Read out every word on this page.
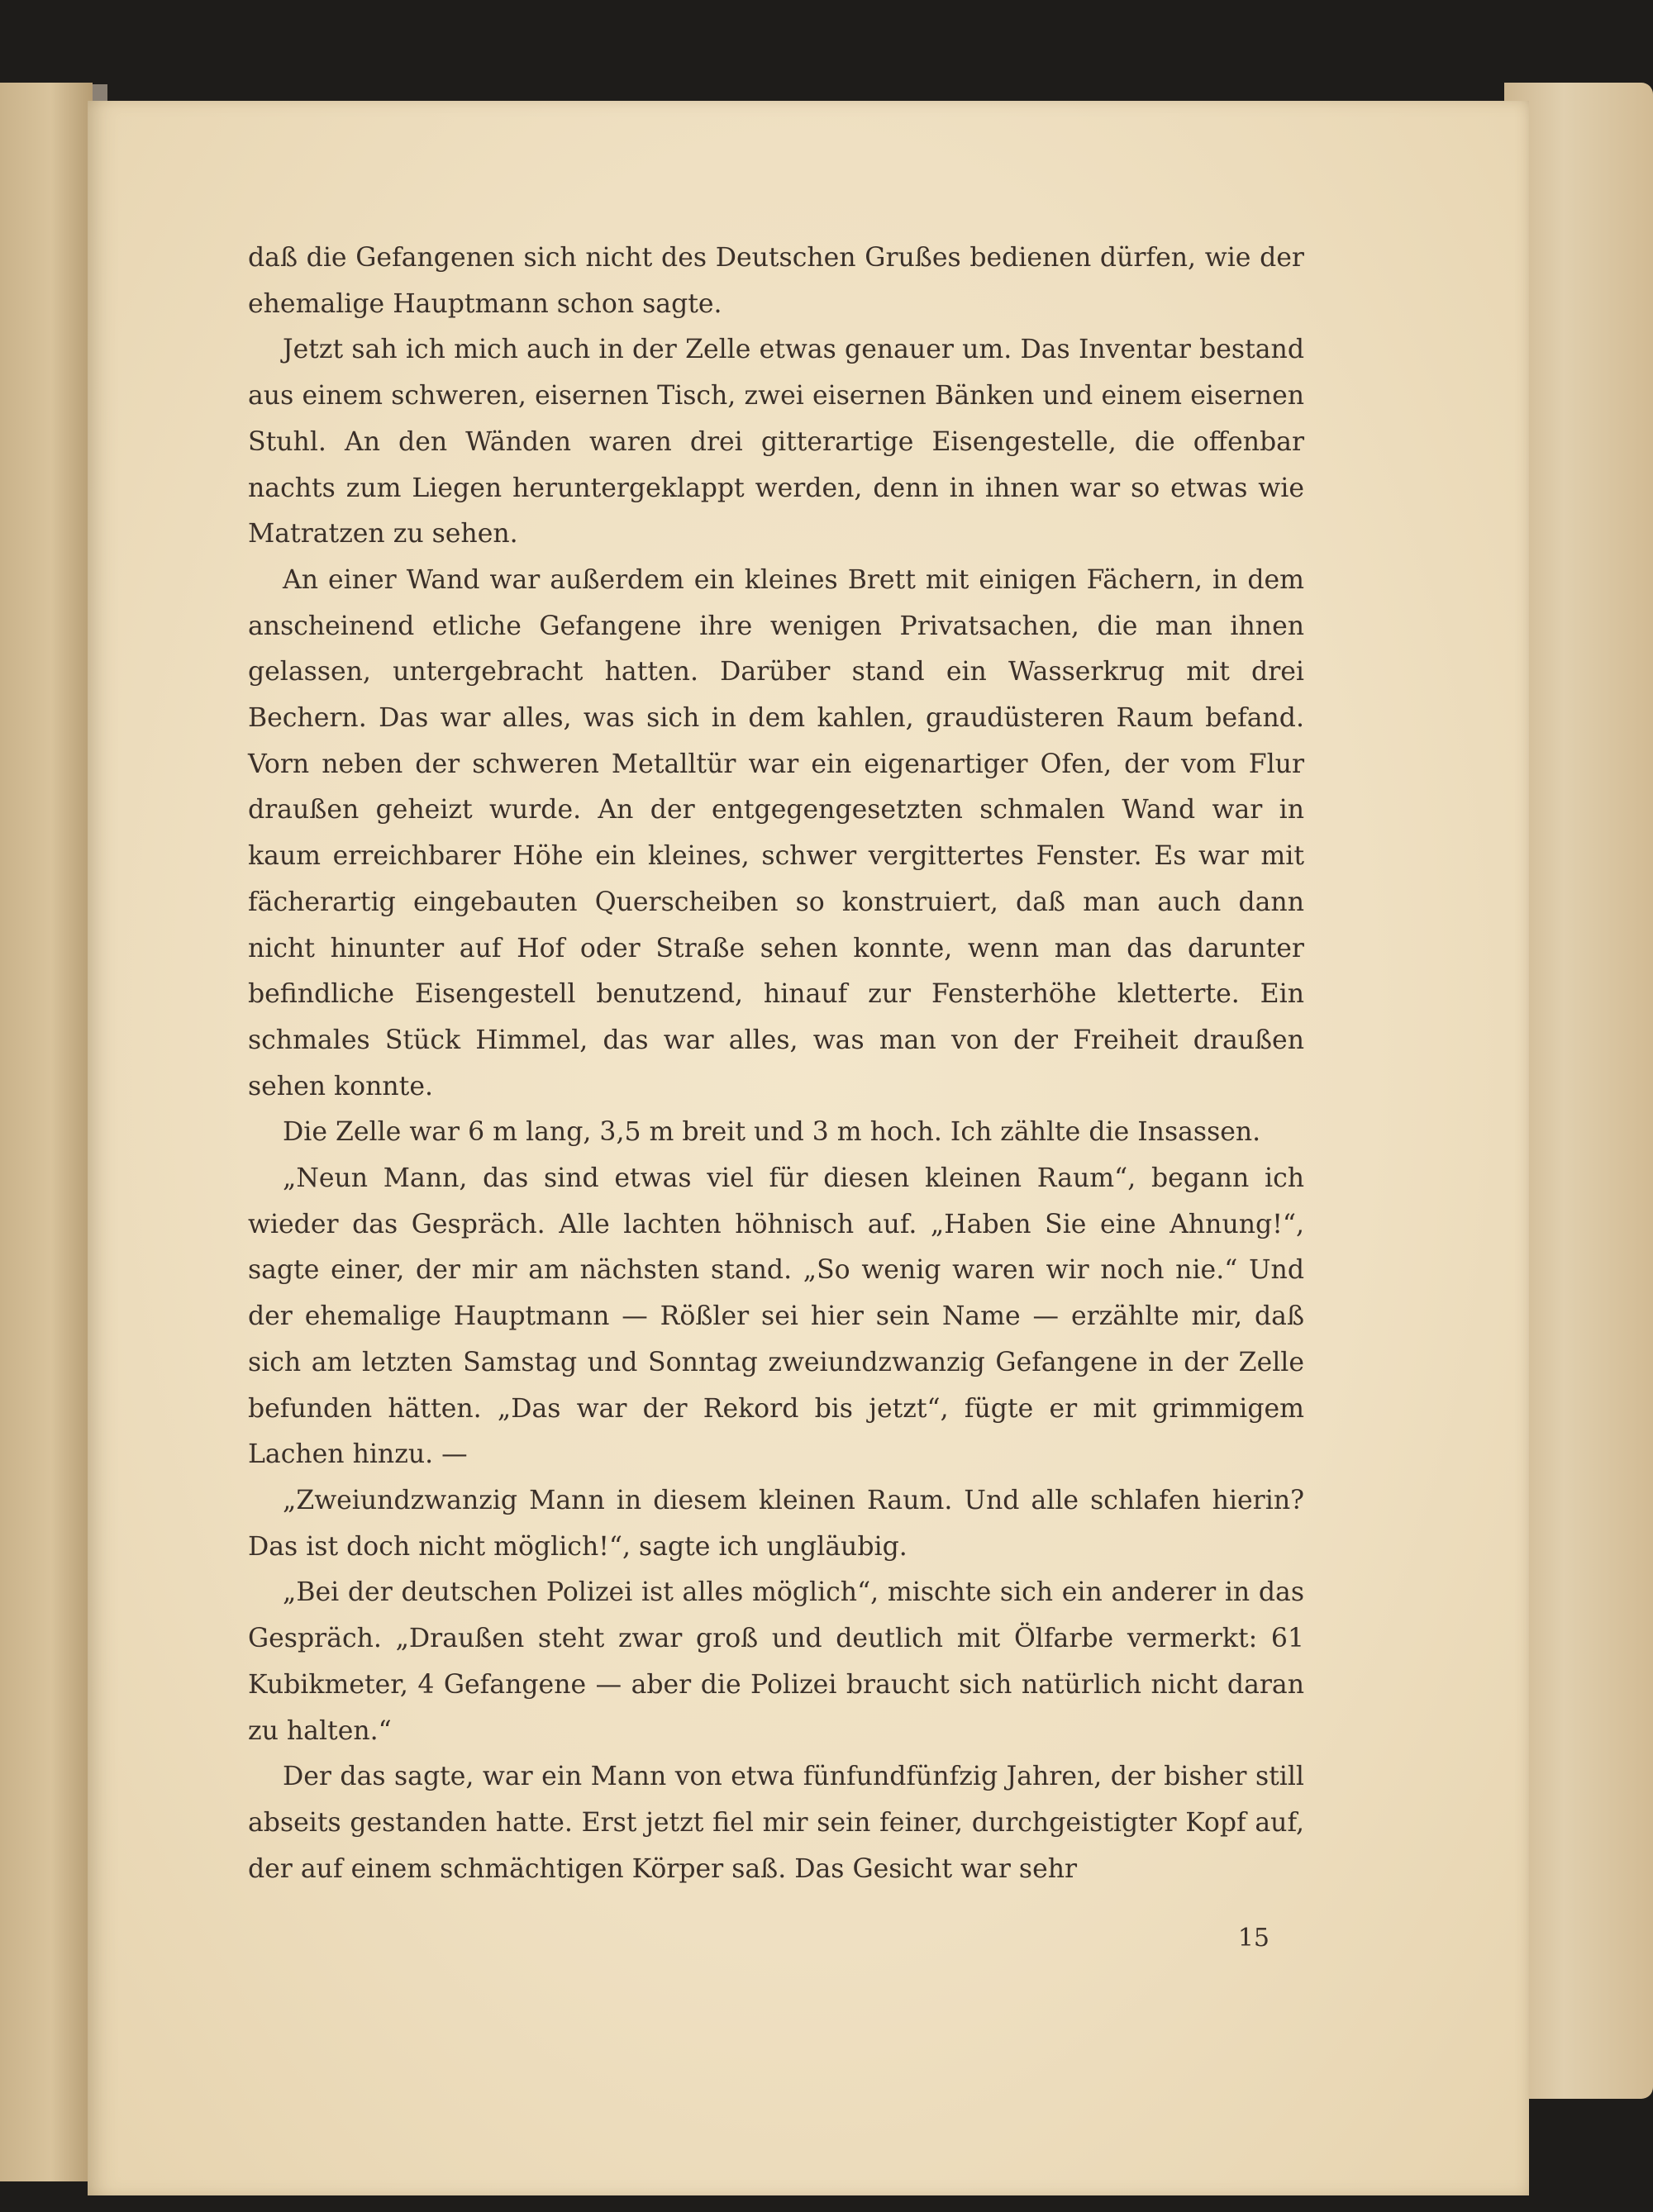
daß die Gefangenen sich nicht des Deutschen Grußes bedienen dürfen, wie der ehemalige Hauptmann schon sagte.

Jetzt sah ich mich auch in der Zelle etwas genauer um. Das Inventar bestand aus einem schweren, eisernen Tisch, zwei eisernen Bänken und einem eisernen Stuhl. An den Wänden waren drei gitterartige Eisengestelle, die offenbar nachts zum Liegen heruntergeklappt werden, denn in ihnen war so etwas wie Matratzen zu sehen.

An einer Wand war außerdem ein kleines Brett mit einigen Fächern, in dem anscheinend etliche Gefangene ihre wenigen Privatsachen, die man ihnen gelassen, untergebracht hatten. Darüber stand ein Wasserkrug mit drei Bechern. Das war alles, was sich in dem kahlen, graudüsteren Raum befand. Vorn neben der schweren Metalltür war ein eigenartiger Ofen, der vom Flur draußen geheizt wurde. An der entgegengesetzten schmalen Wand war in kaum erreichbarer Höhe ein kleines, schwer vergittertes Fenster. Es war mit fächerartig eingebauten Querscheiben so konstruiert, daß man auch dann nicht hinunter auf Hof oder Straße sehen konnte, wenn man das darunter befindliche Eisengestell benutzend, hinauf zur Fensterhöhe kletterte. Ein schmales Stück Himmel, das war alles, was man von der Freiheit draußen sehen konnte.

Die Zelle war 6 m lang, 3,5 m breit und 3 m hoch. Ich zählte die Insassen.

„Neun Mann, das sind etwas viel für diesen kleinen Raum“, begann ich wieder das Gespräch. Alle lachten höhnisch auf. „Haben Sie eine Ahnung!“, sagte einer, der mir am nächsten stand. „So wenig waren wir noch nie.“ Und der ehemalige Hauptmann — Rößler sei hier sein Name — erzählte mir, daß sich am letzten Samstag und Sonntag zweiundzwanzig Gefangene in der Zelle befunden hätten. „Das war der Rekord bis jetzt“, fügte er mit grimmigem Lachen hinzu. —

„Zweiundzwanzig Mann in diesem kleinen Raum. Und alle schlafen hierin? Das ist doch nicht möglich!“, sagte ich ungläubig.

„Bei der deutschen Polizei ist alles möglich“, mischte sich ein anderer in das Gespräch. „Draußen steht zwar groß und deutlich mit Ölfarbe vermerkt: 61 Kubikmeter, 4 Gefangene — aber die Polizei braucht sich natürlich nicht daran zu halten.“

Der das sagte, war ein Mann von etwa fünfundfünfzig Jahren, der bisher still abseits gestanden hatte. Erst jetzt fiel mir sein feiner, durchgeistigter Kopf auf, der auf einem schmächtigen Körper saß. Das Gesicht war sehr

15
